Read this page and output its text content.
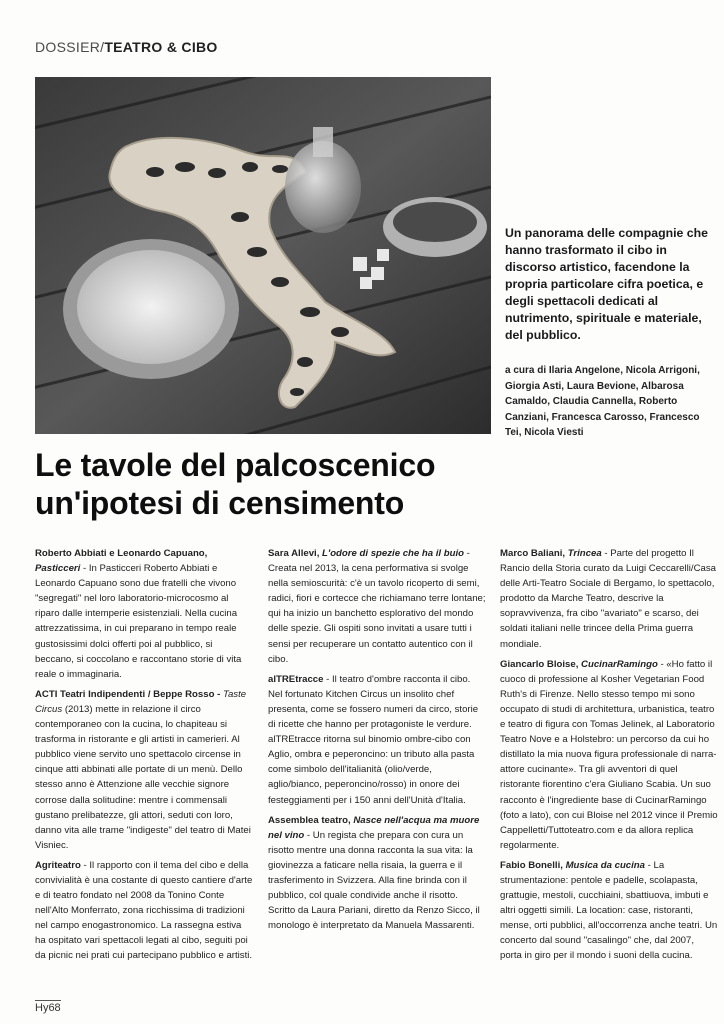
DOSSIER/TEATRO & CIBO
Un panorama delle compagnie che hanno trasformato il cibo in discorso artistico, facendone la propria particolare cifra poetica, e degli spettacoli dedicati al nutrimento, spirituale e materiale, del pubblico.
a cura di Ilaria Angelone, Nicola Arrigoni, Giorgia Asti, Laura Bevione, Albarosa Camaldo, Claudia Cannella, Roberto Canziani, Francesca Carosso, Francesco Tei, Nicola Viesti
Le tavole del palcoscenico
un'ipotesi di censimento

Roberto Abbiati e Leonardo Capuano, Pasticceri - In Pasticceri Roberto Abbiati e Leonardo Capuano sono due fratelli che vivono "segregati" nel loro laboratorio-microcosmo al riparo dalle intemperie esistenziali. Nella cucina attrezzatissima, in cui preparano in tempo reale gustosissimi dolci offerti poi al pubblico, si beccano, si coccolano e raccontano storie di vita reale o immaginaria.

ACTI Teatri Indipendenti / Beppe Rosso - Taste Circus (2013) mette in relazione il circo contemporaneo con la cucina, lo chapiteau si trasforma in ristorante e gli artisti in camerieri. Al pubblico viene servito uno spettacolo circense in cinque atti abbinati alle portate di un menù. Dello stesso anno è Attenzione alle vecchie signore corrose dalla solitudine: mentre i commensali gustano prelibatezze, gli attori, seduti con loro, danno vita alle trame "indigeste" del teatro di Matei Visniec.

Agriteatro - Il rapporto con il tema del cibo e della convivialità è una costante di questo cantiere d'arte e di teatro fondato nel 2008 da Tonino Conte nell'Alto Monferrato, zona ricchissima di tradizioni nel campo enogastronomico. La rassegna estiva ha ospitato vari spettacoli legati al cibo, seguiti poi da picnic nei prati cui partecipano pubblico e artisti.

Sara Allevi, L'odore di spezie che ha il buio - Creata nel 2013, la cena performativa si svolge nella semioscurità: c'è un tavolo ricoperto di semi, radici, fiori e cortecce che richiamano terre lontane; qui ha inizio un banchetto esplorativo del mondo delle spezie. Gli ospiti sono invitati a usare tutti i sensi per recuperare un contatto autentico con il cibo.

alTREtracce - Il teatro d'ombre racconta il cibo. Nel fortunato Kitchen Circus un insolito chef presenta, come se fossero numeri da circo, storie di ricette che hanno per protagoniste le verdure. alTREtracce ritorna sul binomio ombre-cibo con Aglio, ombra e peperoncino: un tributo alla pasta come simbolo dell'italianità (olio/verde, aglio/bianco, peperoncino/rosso) in onore dei festeggiamenti per i 150 anni dell'Unità d'Italia.

Assemblea teatro, Nasce nell'acqua ma muore nel vino - Un regista che prepara con cura un risotto mentre una donna racconta la sua vita: la giovinezza a faticare nella risaia, la guerra e il trasferimento in Svizzera. Alla fine brinda con il pubblico, col quale condivide anche il risotto. Scritto da Laura Pariani, diretto da Renzo Sicco, il monologo è interpretato da Manuela Massarenti.

Marco Baliani, Trincea - Parte del progetto Il Rancio della Storia curato da Luigi Ceccarelli/Casa delle Arti-Teatro Sociale di Bergamo, lo spettacolo, prodotto da Marche Teatro, descrive la sopravvivenza, fra cibo "avariato" e scarso, dei soldati italiani nelle trincee della Prima guerra mondiale.

Giancarlo Bloise, CucinarRamingo - «Ho fatto il cuoco di professione al Kosher Vegetarian Food Ruth's di Firenze. Nello stesso tempo mi sono occupato di studi di architettura, urbanistica, teatro e teatro di figura con Tomas Jelinek, al Laboratorio Teatro Nove e a Holstebro: un percorso da cui ho distillato la mia nuova figura professionale di narra-attore cucinante». Tra gli avventori di quel ristorante fiorentino c'era Giuliano Scabia. Un suo racconto è l'ingrediente base di CucinarRamingo (foto a lato), con cui Bloise nel 2012 vince il Premio Cappelletti/Tuttoteatro.com e da allora replica regolarmente.

Fabio Bonelli, Musica da cucina - La strumentazione: pentole e padelle, scolapasta, grattugie, mestoli, cucchiaini, sbattiuova, imbuti e altri oggetti simili. La location: case, ristoranti, mense, orti pubblici, all'occorrenza anche teatri. Un concerto dal sound "casalingo" che, dal 2007, porta in giro per il mondo i suoni della cucina.

Hy68
